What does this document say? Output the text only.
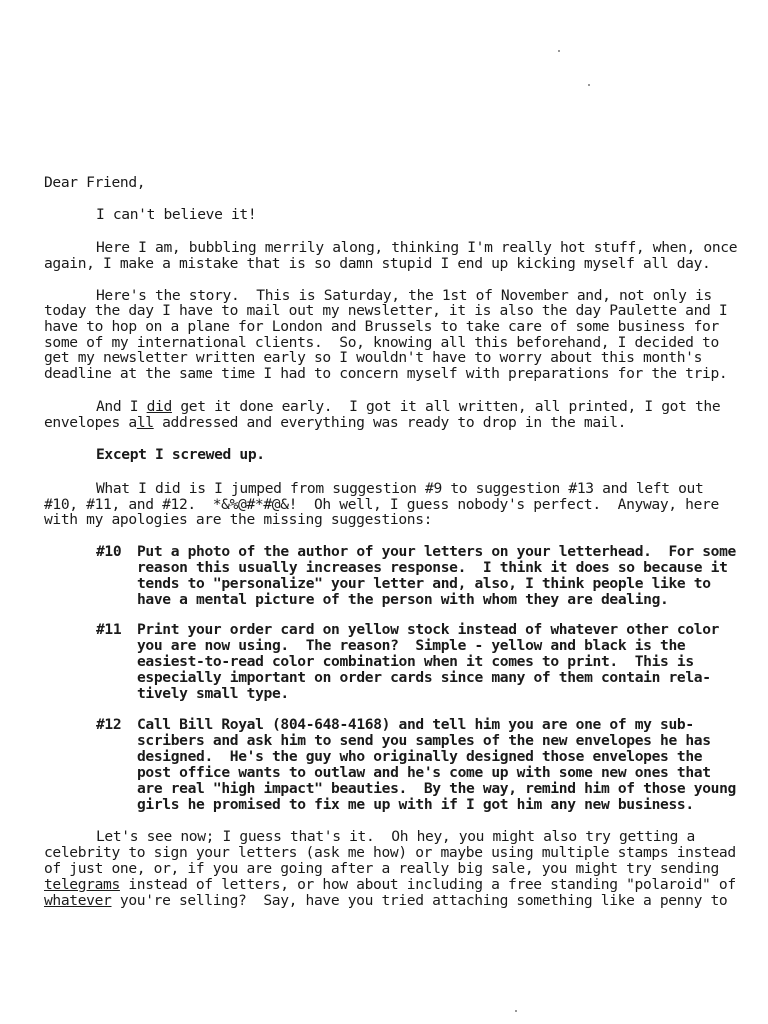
Dear Friend,
I can't believe it!
Here I am, bubbling merrily along, thinking I'm really hot stuff, when, once
again, I make a mistake that is so damn stupid I end up kicking myself all day.
Here's the story.  This is Saturday, the 1st of November and, not only is
today the day I have to mail out my newsletter, it is also the day Paulette and I
have to hop on a plane for London and Brussels to take care of some business for
some of my international clients.  So, knowing all this beforehand, I decided to
get my newsletter written early so I wouldn't have to worry about this month's
deadline at the same time I had to concern myself with preparations for the trip.
And I did get it done early.  I got it all written, all printed, I got the
envelopes all addressed and everything was ready to drop in the mail.
Except I screwed up.
What I did is I jumped from suggestion #9 to suggestion #13 and left out
#10, #11, and #12.  *&%@#*#@&!  Oh well, I guess nobody's perfect.  Anyway, here
with my apologies are the missing suggestions:
#10 Put a photo of the author of your letters on your letterhead.  For some
reason this usually increases response.  I think it does so because it
tends to "personalize" your letter and, also, I think people like to
have a mental picture of the person with whom they are dealing.
#11 Print your order card on yellow stock instead of whatever other color
you are now using.  The reason?  Simple - yellow and black is the
easiest-to-read color combination when it comes to print.  This is
especially important on order cards since many of them contain rela-
tively small type.
#12 Call Bill Royal (804-648-4168) and tell him you are one of my sub-
scribers and ask him to send you samples of the new envelopes he has
designed.  He's the guy who originally designed those envelopes the
post office wants to outlaw and he's come up with some new ones that
are real "high impact" beauties.  By the way, remind him of those young
girls he promised to fix me up with if I got him any new business.
Let's see now; I guess that's it.  Oh hey, you might also try getting a
celebrity to sign your letters (ask me how) or maybe using multiple stamps instead
of just one, or, if you are going after a really big sale, you might try sending
telegrams instead of letters, or how about including a free standing "polaroid" of
whatever you're selling?  Say, have you tried attaching something like a penny to
